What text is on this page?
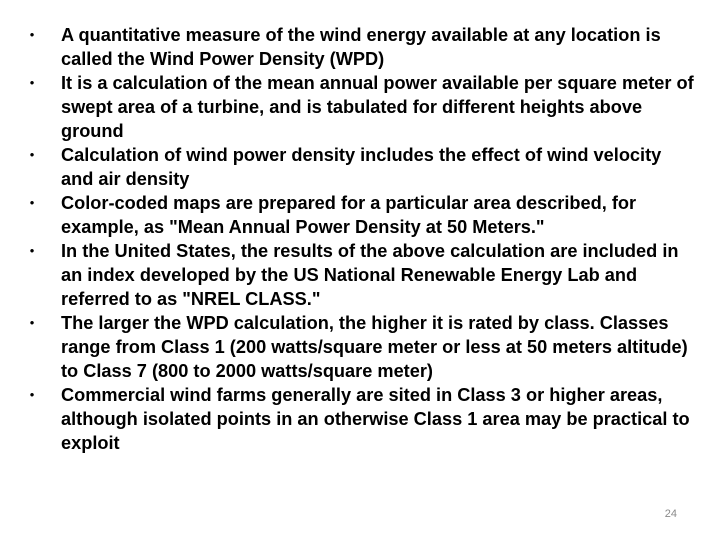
• A quantitative measure of the wind energy available at any location is called the Wind Power Density (WPD)
• It is a calculation of the mean annual power available per square meter of swept area of a turbine, and is tabulated for different heights above ground
• Calculation of wind power density includes the effect of wind velocity and air density
• Color-coded maps are prepared for a particular area described, for example, as "Mean Annual Power Density at 50 Meters."
• In the United States, the results of the above calculation are included in an index developed by the US National Renewable Energy Lab and referred to as "NREL CLASS."
• The larger the WPD calculation, the higher it is rated by class. Classes range from Class 1 (200 watts/square meter or less at 50 meters altitude) to Class 7 (800 to 2000 watts/square meter)
• Commercial wind farms generally are sited in Class 3 or higher areas, although isolated points in an otherwise Class 1 area may be practical to exploit
24
